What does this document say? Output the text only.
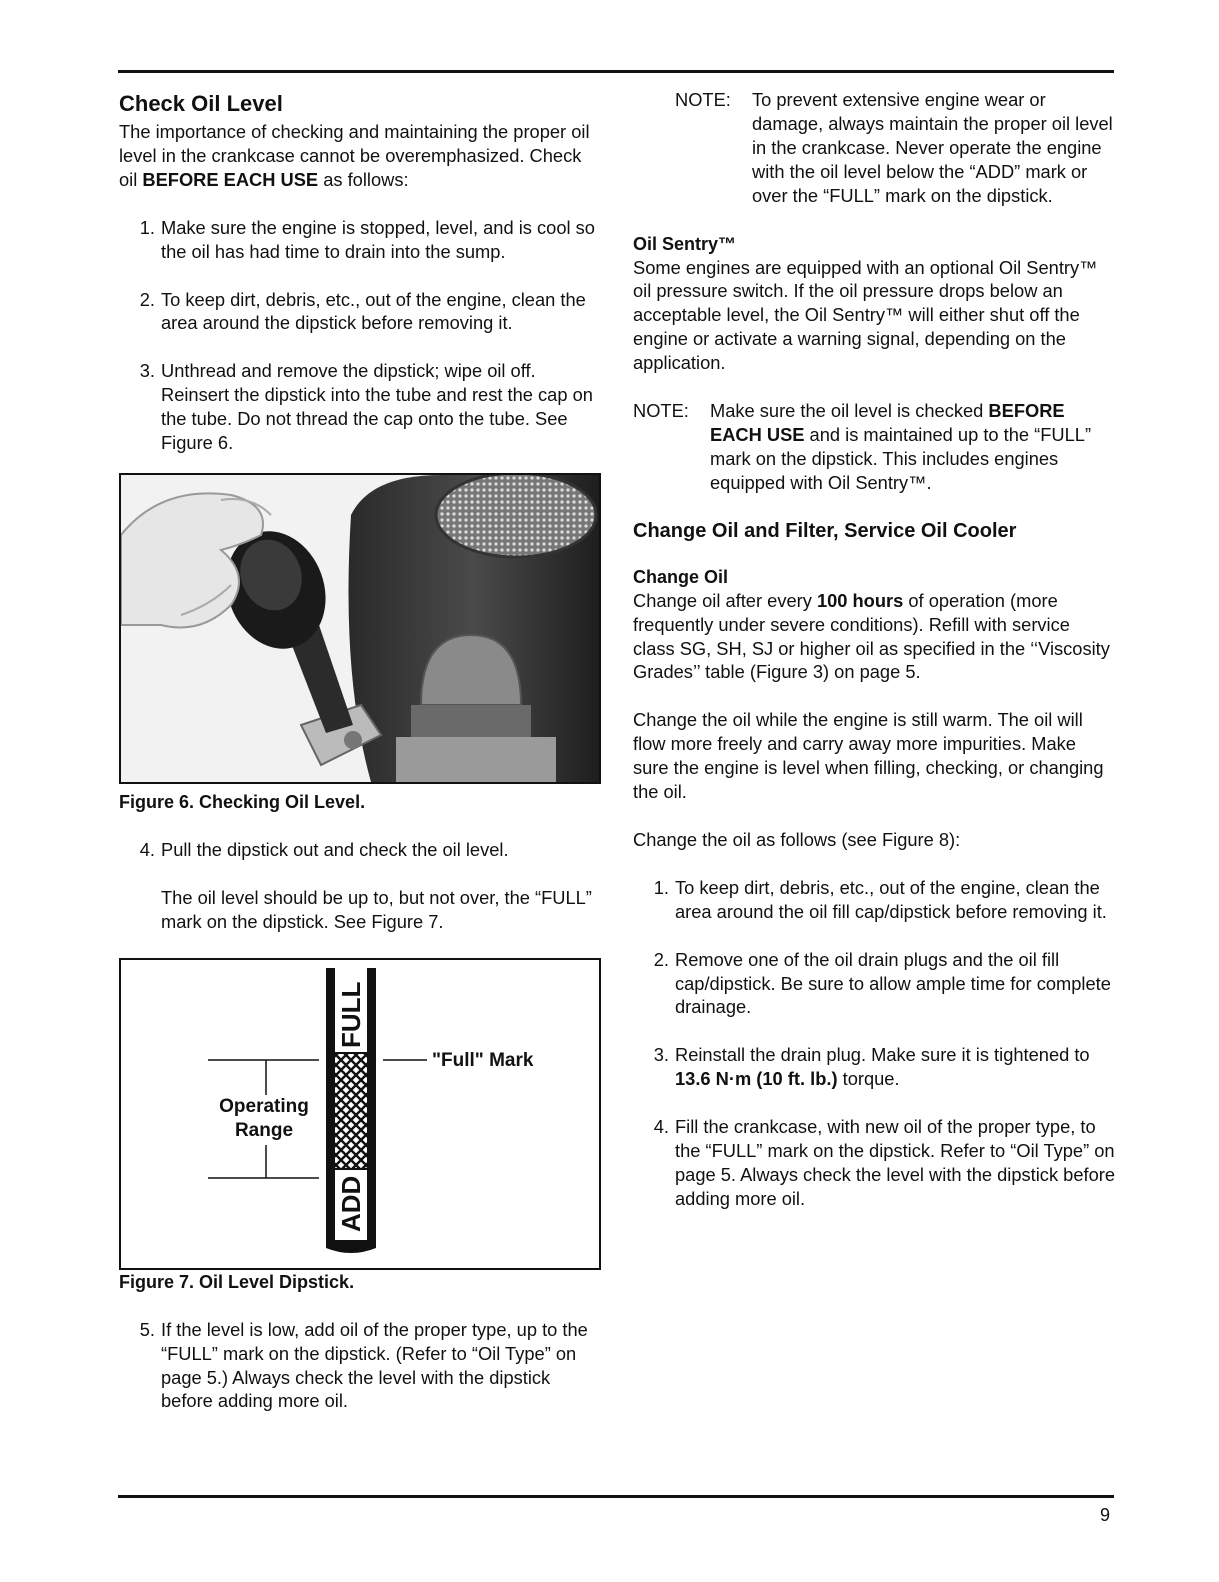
Check Oil Level

The importance of checking and maintaining the proper oil level in the crankcase cannot be overemphasized. Check oil BEFORE EACH USE as follows:

1. Make sure the engine is stopped, level, and is cool so the oil has had time to drain into the sump.
2. To keep dirt, debris, etc., out of the engine, clean the area around the dipstick before removing it.
3. Unthread and remove the dipstick; wipe oil off. Reinsert the dipstick into the tube and rest the cap on the tube. Do not thread the cap onto the tube. See Figure 6.
Figure 6. Checking Oil Level.
4. Pull the dipstick out and check the oil level.
The oil level should be up to, but not over, the “FULL” mark on the dipstick. See Figure 7.
FULL
ADD
"Full" Mark
Operating
Range
Figure 7. Oil Level Dipstick.
5. If the level is low, add oil of the proper type, up to the “FULL” mark on the dipstick. (Refer to “Oil Type” on page 5.) Always check the level with the dipstick before adding more oil.
NOTE:	To prevent extensive engine wear or damage, always maintain the proper oil level in the crankcase. Never operate the engine with the oil level below the “ADD” mark or over the “FULL” mark on the dipstick.
Oil Sentry™

Some engines are equipped with an optional Oil Sentry™ oil pressure switch. If the oil pressure drops below an acceptable level, the Oil Sentry™ will either shut off the engine or activate a warning signal, depending on the application.

NOTE:	Make sure the oil level is checked BEFORE EACH USE and is maintained up to the “FULL” mark on the dipstick. This includes engines equipped with Oil Sentry™.
Change Oil and Filter, Service Oil Cooler
Change Oil

Change oil after every 100 hours of operation (more frequently under severe conditions). Refill with service class SG, SH, SJ or higher oil as specified in the ‘‘Viscosity Grades’’ table (Figure 3) on page 5.

Change the oil while the engine is still warm. The oil will flow more freely and carry away more impurities. Make sure the engine is level when filling, checking, or changing the oil.

Change the oil as follows (see Figure 8):

1. To keep dirt, debris, etc., out of the engine, clean the area around the oil fill cap/dipstick before removing it.
2. Remove one of the oil drain plugs and the oil fill cap/dipstick. Be sure to allow ample time for complete drainage.
3. Reinstall the drain plug. Make sure it is tightened to 13.6 N·m (10 ft. lb.) torque.
4. Fill the crankcase, with new oil of the proper type, to the “FULL” mark on the dipstick. Refer to “Oil Type” on page 5. Always check the level with the dipstick before adding more oil.
9
